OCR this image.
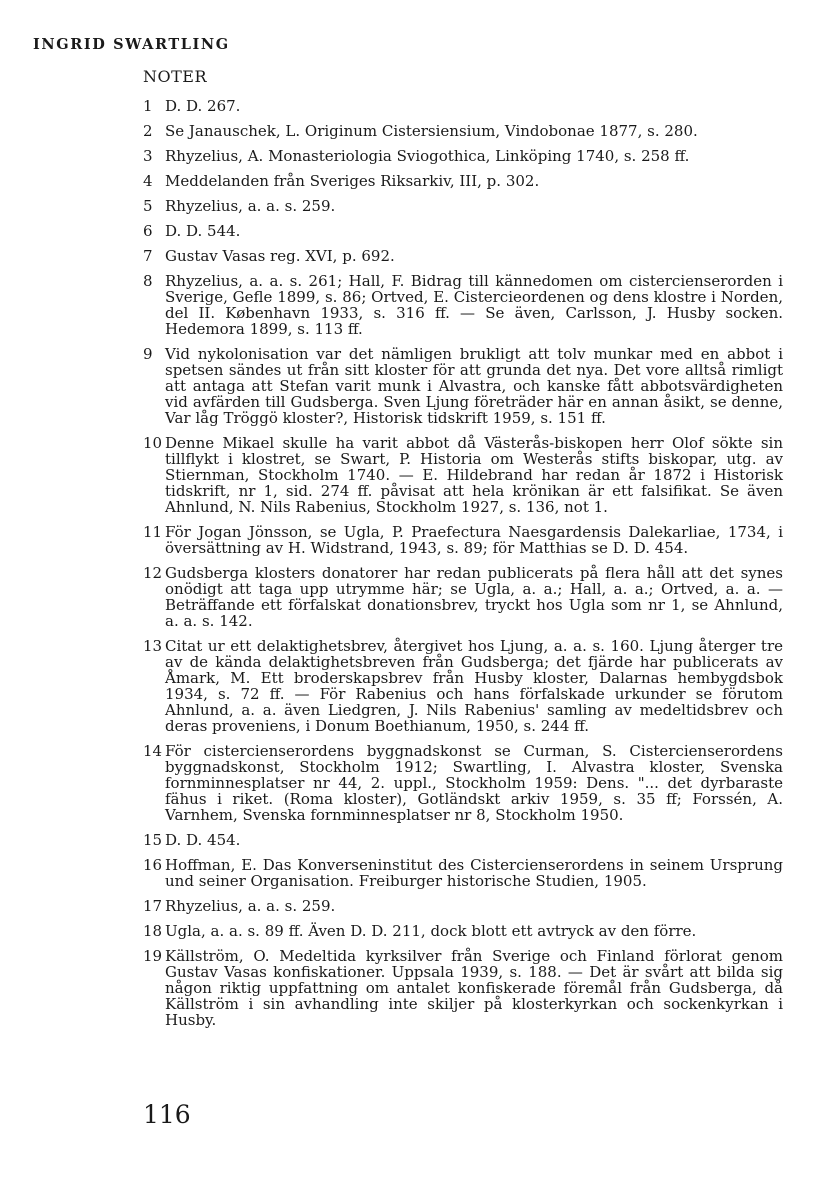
INGRID SWARTLING
NOTER
1 D. D. 267.
2 Se Janauschek, L. Originum Cistersiensium, Vindobonae 1877, s. 280.
3 Rhyzelius, A. Monasteriologia Sviogothica, Linköping 1740, s. 258 ff.
4 Meddelanden från Sveriges Riksarkiv, III, p. 302.
5 Rhyzelius, a. a. s. 259.
6 D. D. 544.
7 Gustav Vasas reg. XVI, p. 692.
8 Rhyzelius, a. a. s. 261; Hall, F. Bidrag till kännedomen om cistercienserorden i Sverige, Gefle 1899, s. 86; Ortved, E. Cistercieordenen og dens klostre i Norden, del II. København 1933, s. 316 ff. — Se även, Carlsson, J. Husby socken. Hedemora 1899, s. 113 ff.
9 Vid nykolonisation var det nämligen brukligt att tolv munkar med en abbot i spetsen sändes ut från sitt kloster för att grunda det nya. Det vore alltså rimligt att antaga att Stefan varit munk i Alvastra, och kanske fått abbotsvärdigheten vid avfärden till Gudsberga. Sven Ljung företräder här en annan åsikt, se denne, Var låg Tröggö kloster?, Historisk tidskrift 1959, s. 151 ff.
10 Denne Mikael skulle ha varit abbot då Västerås-biskopen herr Olof sökte sin tillflykt i klostret, se Swart, P. Historia om Westerås stifts biskopar, utg. av Stiernman, Stockholm 1740. — E. Hildebrand har redan år 1872 i Historisk tidskrift, nr 1, sid. 274 ff. påvisat att hela krönikan är ett falsifikat. Se även Ahnlund, N. Nils Rabenius, Stockholm 1927, s. 136, not 1.
11 För Jogan Jönsson, se Ugla, P. Praefectura Naesgardensis Dalekarliae, 1734, i översättning av H. Widstrand, 1943, s. 89; för Matthias se D. D. 454.
12 Gudsberga klosters donatorer har redan publicerats på flera håll att det synes onödigt att taga upp utrymme här; se Ugla, a. a.; Hall, a. a.; Ortved, a. a. — Beträffande ett förfalskat donationsbrev, tryckt hos Ugla som nr 1, se Ahnlund, a. a. s. 142.
13 Citat ur ett delaktighetsbrev, återgivet hos Ljung, a. a. s. 160. Ljung återger tre av de kända delaktighetsbreven från Gudsberga; det fjärde har publicerats av Åmark, M. Ett broderskapsbrev från Husby kloster, Dalarnas hembygdsbok 1934, s. 72 ff. — För Rabenius och hans förfalskade urkunder se förutom Ahnlund, a. a. även Liedgren, J. Nils Rabenius' samling av medeltidsbrev och deras proveniens, i Donum Boethianum, 1950, s. 244 ff.
14 För cistercienserordens byggnadskonst se Curman, S. Cistercienserordens byggnadskonst, Stockholm 1912; Swartling, I. Alvastra kloster, Svenska fornminnesplatser nr 44, 2. uppl., Stockholm 1959: Dens. "... det dyrbaraste fähus i riket. (Roma kloster), Gotländskt arkiv 1959, s. 35 ff; Forssén, A. Varnhem, Svenska fornminnesplatser nr 8, Stockholm 1950.
15 D. D. 454.
16 Hoffman, E. Das Konverseninstitut des Cistercienserordens in seinem Ursprung und seiner Organisation. Freiburger historische Studien, 1905.
17 Rhyzelius, a. a. s. 259.
18 Ugla, a. a. s. 89 ff. Även D. D. 211, dock blott ett avtryck av den förre.
19 Källström, O. Medeltida kyrksilver från Sverige och Finland förlorat genom Gustav Vasas konfiskationer. Uppsala 1939, s. 188. — Det är svårt att bilda sig någon riktig uppfattning om antalet konfiskerade föremål från Gudsberga, då Källström i sin avhandling inte skiljer på klosterkyrkan och sockenkyrkan i Husby.
116
